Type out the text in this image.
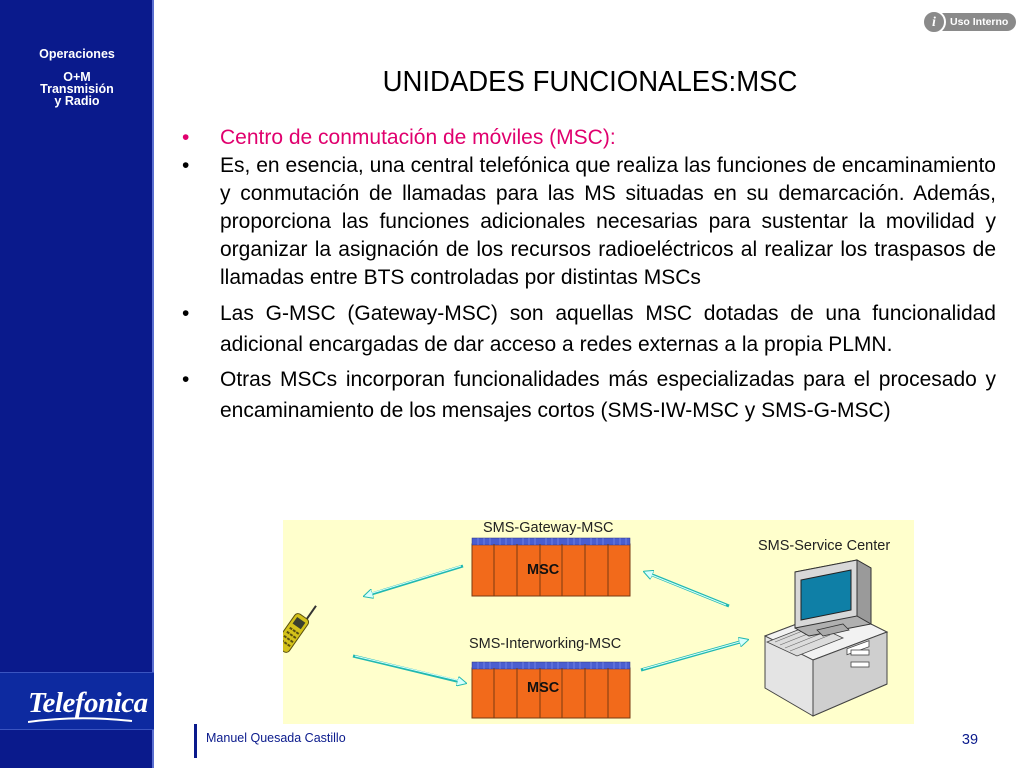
Operaciones
O+M
Transmisión
y Radio
Telefonica
Uso Interno
i
UNIDADES FUNCIONALES:MSC
• Centro de conmutación de móviles (MSC):
• Es, en esencia, una central telefónica que realiza las funciones de encaminamiento y conmutación de llamadas para las MS situadas en su demarcación. Además, proporciona las funciones adicionales necesarias para sustentar la movilidad y organizar la asignación de los recursos radioeléctricos al realizar los traspasos de llamadas entre BTS controladas por distintas MSCs
• Las G-MSC (Gateway-MSC) son aquellas MSC dotadas de una funcionalidad adicional encargadas de dar acceso a redes externas a la propia PLMN.
• Otras MSCs incorporan funcionalidades más especializadas para el procesado y encaminamiento de los mensajes cortos (SMS-IW-MSC y SMS-G-MSC)
SMS-Gateway-MSC
SMS-Service Center
SMS-Interworking-MSC
MSC
MSC
Manuel Quesada Castillo	39
